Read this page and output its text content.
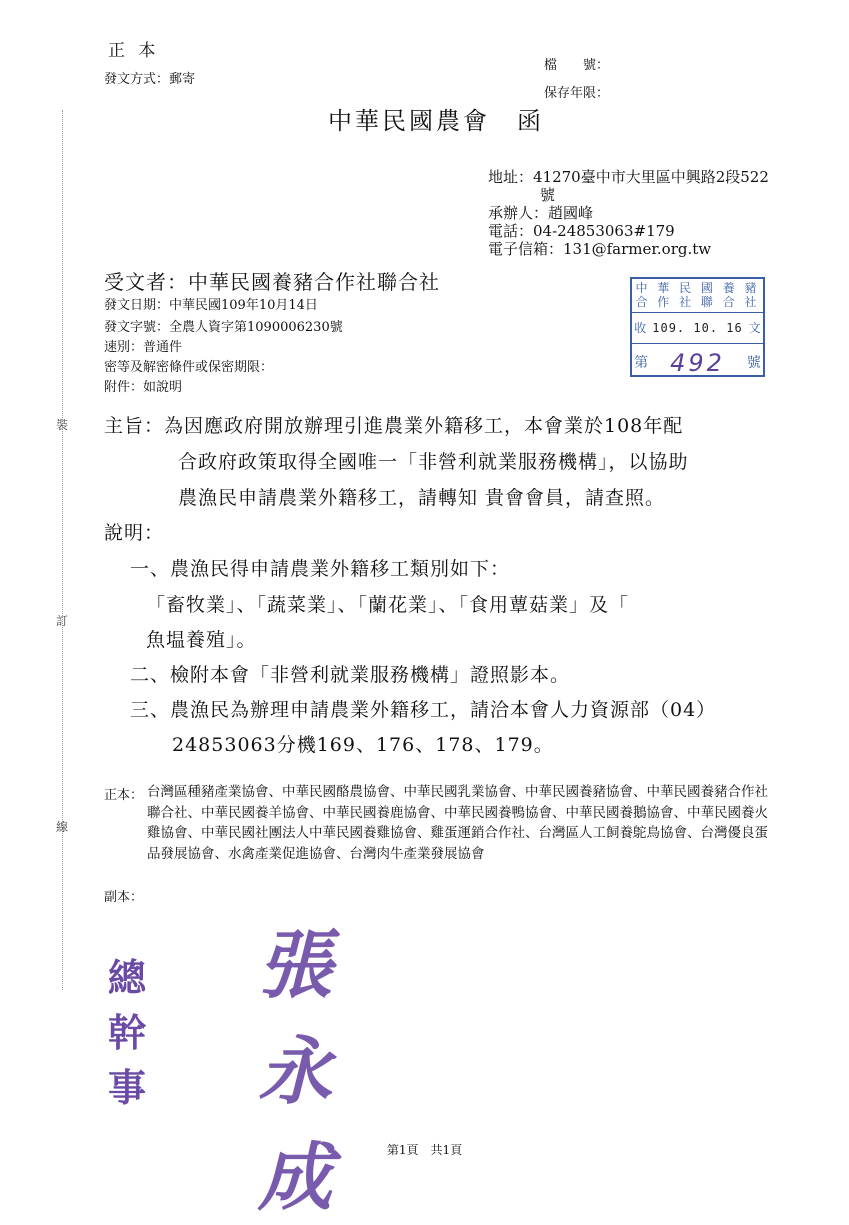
裝
訂
線
正 本
發文方式：郵寄
檔　　號：
保存年限：
中華民國農會　函
地址：41270臺中市大里區中興路2段522
號
承辦人：趙國峰
電話：04-24853063#179
電子信箱：131@farmer.org.tw
受文者：中華民國養豬合作社聯合社
發文日期：中華民國109年10月14日
發文字號：全農人資字第1090006230號
速別：普通件
密等及解密條件或保密期限：
附件：如說明
中 華 民 國 養 豬
合 作 社 聯 合 社
收 109. 10. 16 文
第 492 號
主旨：為因應政府開放辦理引進農業外籍移工，本會業於108年配
合政府政策取得全國唯一「非營利就業服務機構」，以協助
農漁民申請農業外籍移工，請轉知 貴會會員，請查照。
說明：
一、農漁民得申請農業外籍移工類別如下：
「畜牧業」、「蔬菜業」、「蘭花業」、「食用蕈菇業」及「
魚塭養殖」。
二、檢附本會「非營利就業服務機構」證照影本。
三、農漁民為辦理申請農業外籍移工，請洽本會人力資源部（04）
24853063分機169、176、178、179。
正本： 台灣區種豬產業協會、中華民國酪農協會、中華民國乳業協會、中華民國養豬協會、中華民國養豬合作社聯合社、中華民國養羊協會、中華民國養鹿協會、中華民國養鴨協會、中華民國養鵝協會、中華民國養火雞協會、中華民國社團法人中華民國養雞協會、雞蛋運銷合作社、台灣區人工飼養鴕鳥協會、台灣優良蛋品發展協會、水禽產業促進協會、台灣肉牛產業發展協會
副本：
總幹事
張永成	第1頁　共1頁
